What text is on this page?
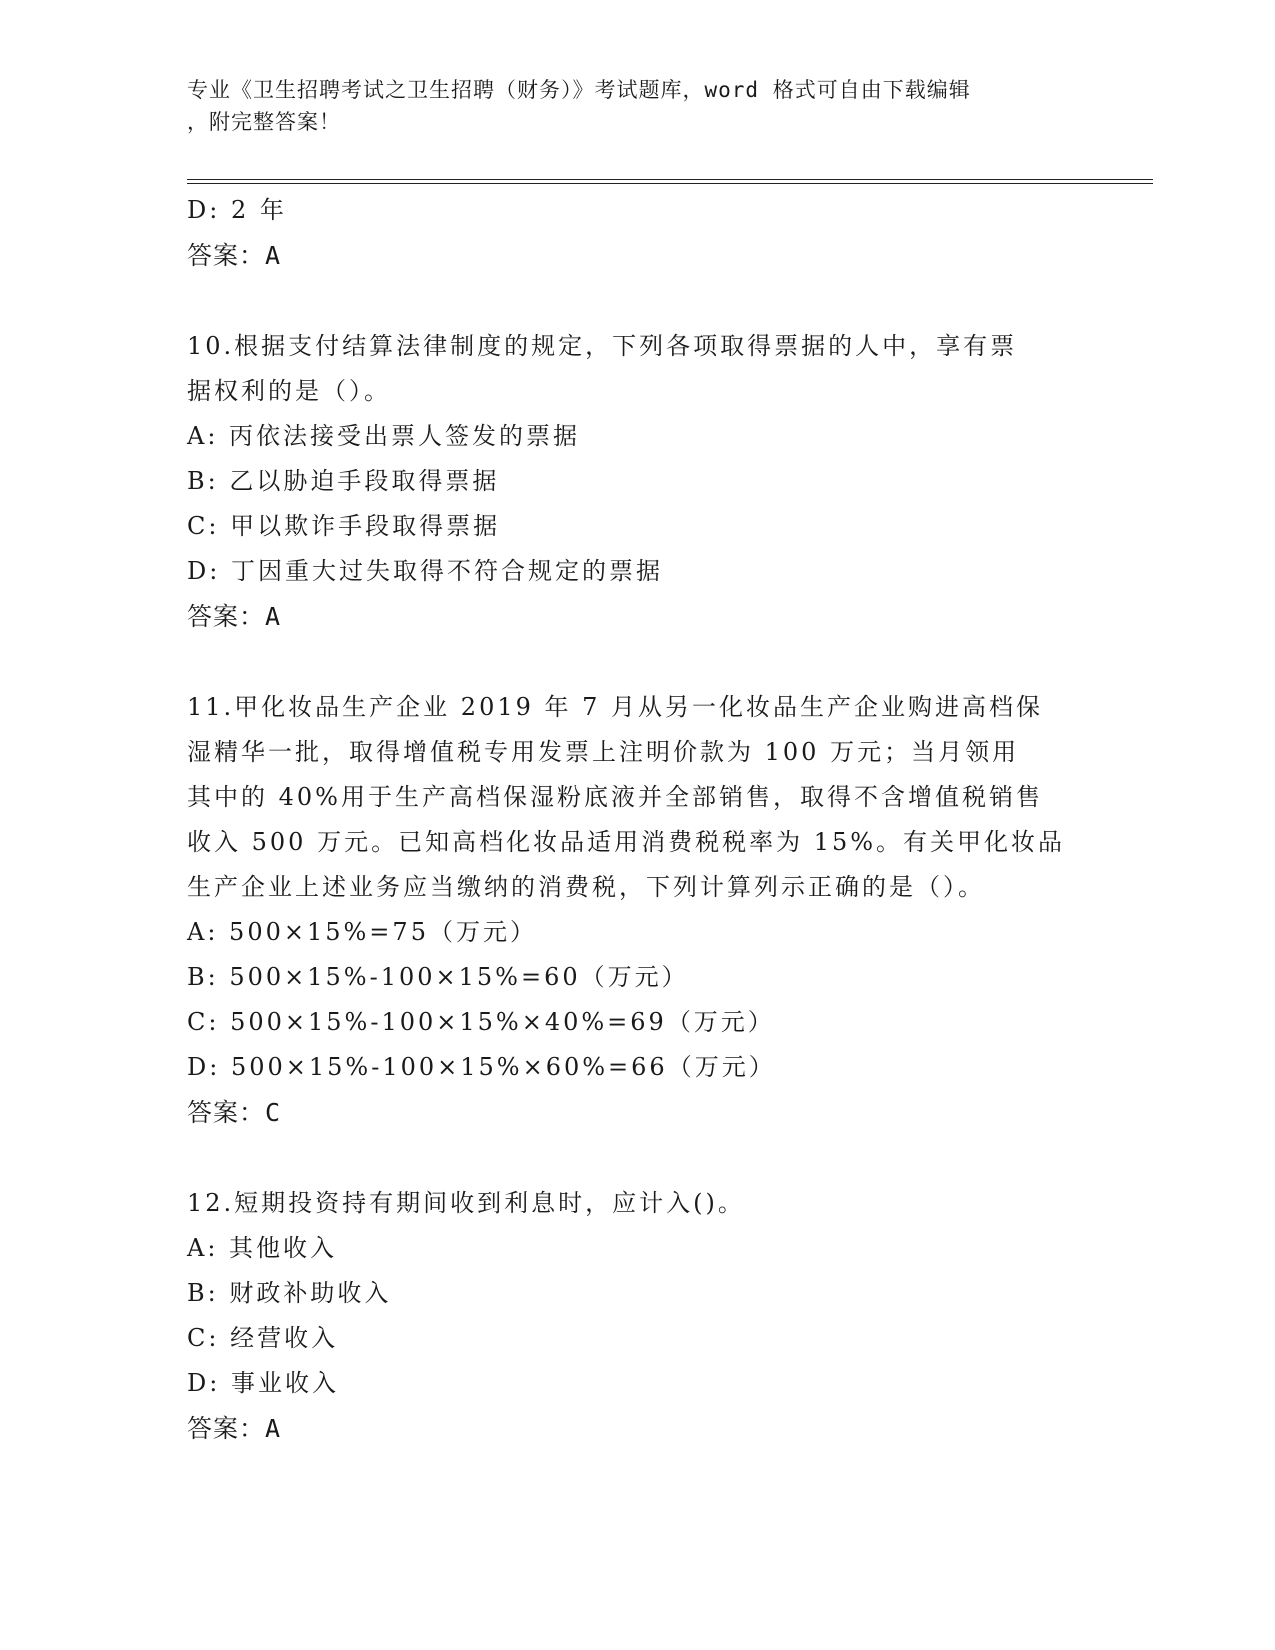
专业《卫生招聘考试之卫生招聘（财务）》考试题库，word 格式可自由下载编辑
，附完整答案！
D: 2 年
答案：A
10.根据支付结算法律制度的规定，下列各项取得票据的人中，享有票
据权利的是（）。
A: 丙依法接受出票人签发的票据
B: 乙以胁迫手段取得票据
C: 甲以欺诈手段取得票据
D: 丁因重大过失取得不符合规定的票据
答案：A
11.甲化妆品生产企业 2019 年 7 月从另一化妆品生产企业购进高档保
湿精华一批，取得增值税专用发票上注明价款为 100 万元；当月领用
其中的 40%用于生产高档保湿粉底液并全部销售，取得不含增值税销售
收入 500 万元。已知高档化妆品适用消费税税率为 15%。有关甲化妆品
生产企业上述业务应当缴纳的消费税，下列计算列示正确的是（）。
A: 500×15%=75（万元）
B: 500×15%-100×15%=60（万元）
C: 500×15%-100×15%×40%=69（万元）
D: 500×15%-100×15%×60%=66（万元）
答案：C
12.短期投资持有期间收到利息时，应计入()。
A: 其他收入
B: 财政补助收入
C: 经营收入
D: 事业收入
答案：A
